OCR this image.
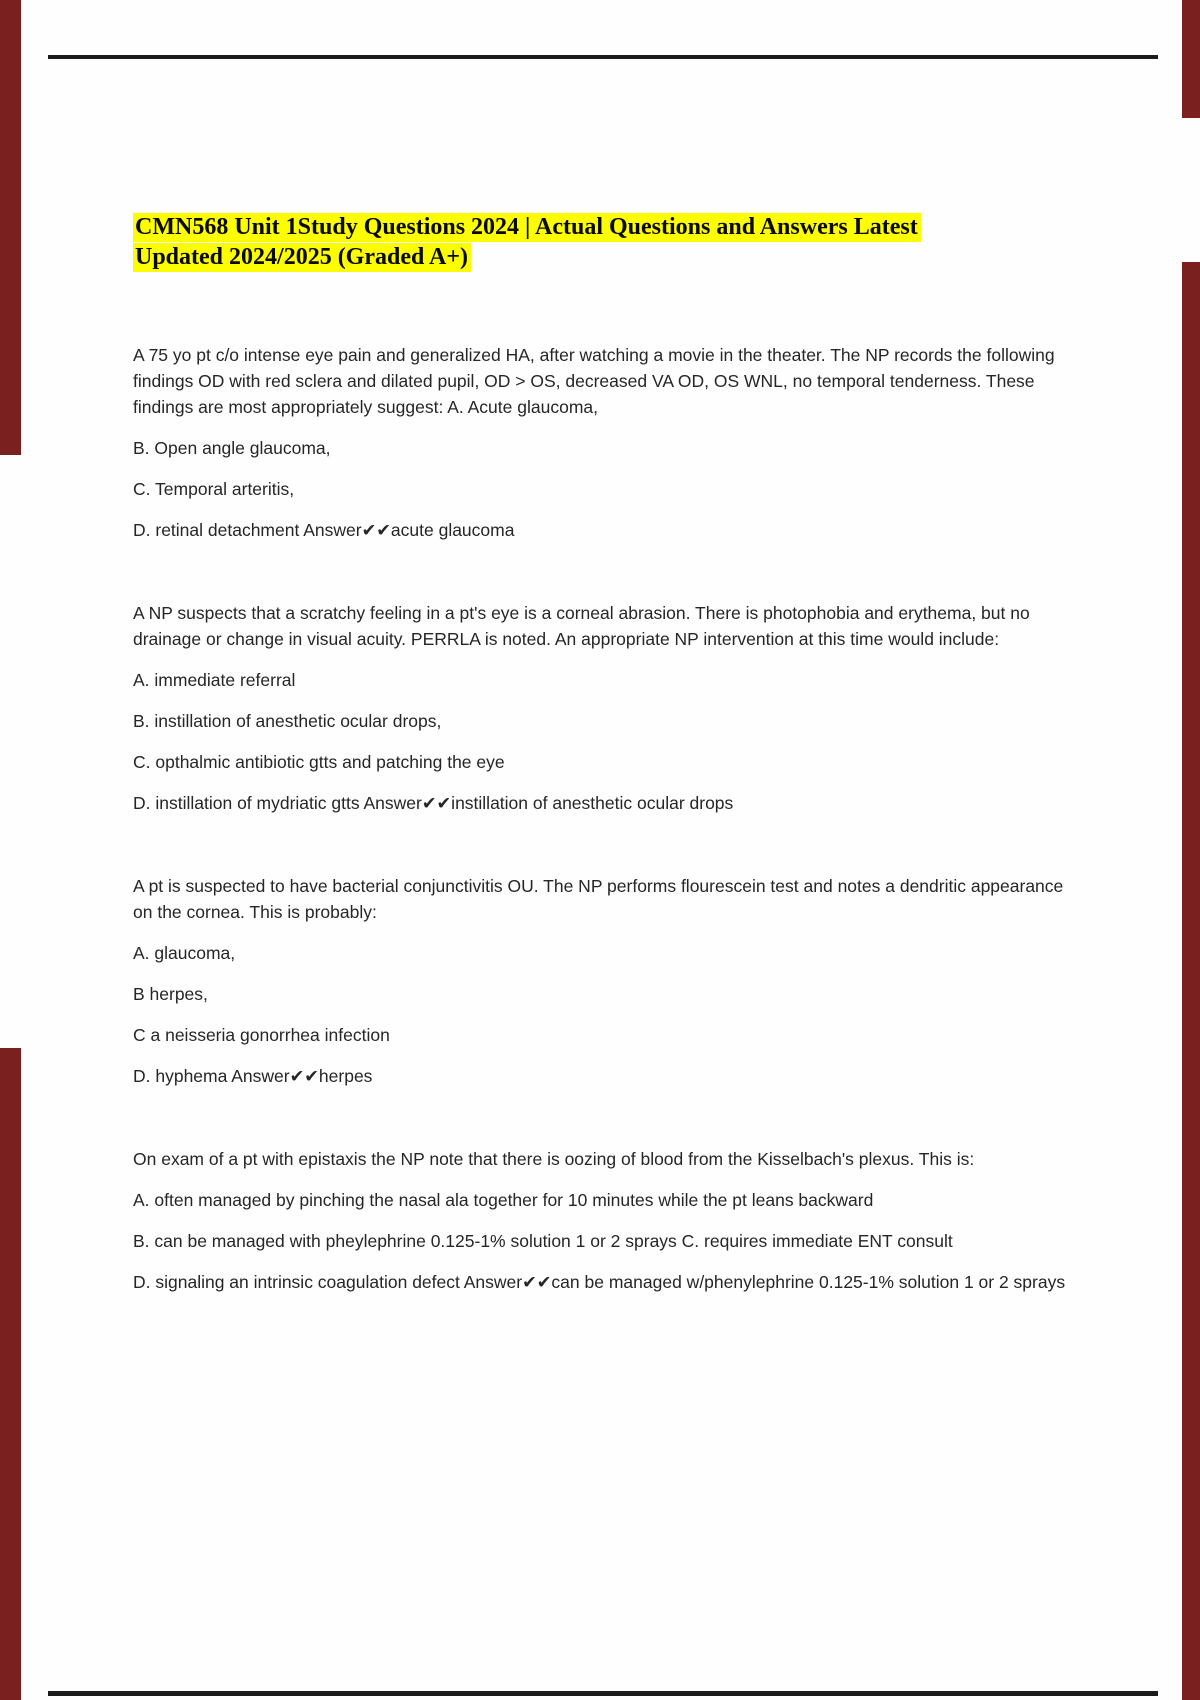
CMN568 Unit 1Study Questions 2024 | Actual Questions and Answers Latest
Updated 2024/2025 (Graded A+)

A 75 yo pt c/o intense eye pain and generalized HA, after watching a movie in the theater. The NP records the following findings OD with red sclera and dilated pupil, OD > OS, decreased VA OD, OS WNL, no temporal tenderness. These findings are most appropriately suggest: A. Acute glaucoma,

B. Open angle glaucoma,

C. Temporal arteritis,

D. retinal detachment Answer✔✔acute glaucoma

A NP suspects that a scratchy feeling in a pt's eye is a corneal abrasion. There is photophobia and erythema, but no drainage or change in visual acuity. PERRLA is noted. An appropriate NP intervention at this time would include:

A. immediate referral

B. instillation of anesthetic ocular drops,

C. opthalmic antibiotic gtts and patching the eye

D. instillation of mydriatic gtts Answer✔✔instillation of anesthetic ocular drops

A pt is suspected to have bacterial conjunctivitis OU. The NP performs flourescein test and notes a dendritic appearance on the cornea. This is probably:

A. glaucoma,

B herpes,

C a neisseria gonorrhea infection

D. hyphema Answer✔✔herpes

On exam of a pt with epistaxis the NP note that there is oozing of blood from the Kisselbach's plexus. This is:

A. often managed by pinching the nasal ala together for 10 minutes while the pt leans backward

B. can be managed with pheylephrine 0.125-1% solution 1 or 2 sprays C. requires immediate ENT consult

D. signaling an intrinsic coagulation defect Answer✔✔can be managed w/phenylephrine 0.125-1% solution 1 or 2 sprays
